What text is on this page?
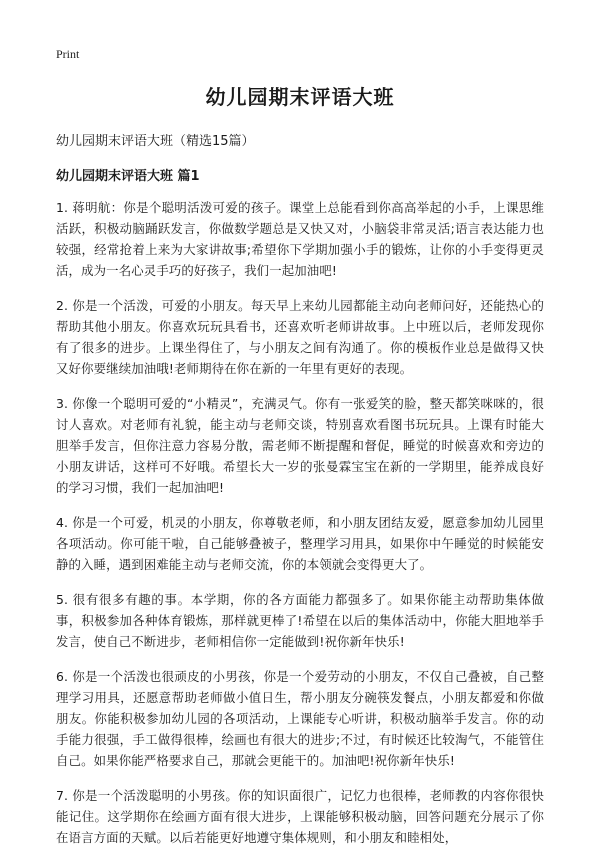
Print
幼儿园期末评语大班
幼儿园期末评语大班（精选15篇）
幼儿园期末评语大班 篇1

1. 蒋明航：你是个聪明活泼可爱的孩子。课堂上总能看到你高高举起的小手，上课思维活跃，积极动脑踊跃发言，你做数学题总是又快又对，小脑袋非常灵活;语言表达能力也较强，经常抢着上来为大家讲故事;希望你下学期加强小手的锻炼，让你的小手变得更灵活，成为一名心灵手巧的好孩子，我们一起加油吧!

2. 你是一个活泼，可爱的小朋友。每天早上来幼儿园都能主动向老师问好，还能热心的帮助其他小朋友。你喜欢玩玩具看书，还喜欢听老师讲故事。上中班以后，老师发现你有了很多的进步。上课坐得住了，与小朋友之间有沟通了。你的模板作业总是做得又快又好你要继续加油哦!老师期待在你在新的一年里有更好的表现。

3. 你像一个聪明可爱的“小精灵”，充满灵气。你有一张爱笑的脸，整天都笑咪咪的，很讨人喜欢。对老师有礼貌，能主动与老师交谈，特别喜欢看图书玩玩具。上课有时能大胆举手发言，但你注意力容易分散，需老师不断提醒和督促，睡觉的时候喜欢和旁边的小朋友讲话，这样可不好哦。希望长大一岁的张曼霖宝宝在新的一学期里，能养成良好的学习习惯，我们一起加油吧!

4. 你是一个可爱，机灵的小朋友，你尊敬老师，和小朋友团结友爱，愿意参加幼儿园里各项活动。你可能干啦，自己能够叠被子，整理学习用具，如果你中午睡觉的时候能安静的入睡，遇到困难能主动与老师交流，你的本领就会变得更大了。

5. 很有很多有趣的事。本学期，你的各方面能力都强多了。如果你能主动帮助集体做事，积极参加各种体育锻炼，那样就更棒了!希望在以后的集体活动中，你能大胆地举手发言，使自己不断进步，老师相信你一定能做到!祝你新年快乐!

6. 你是一个活泼也很顽皮的小男孩，你是一个爱劳动的小朋友，不仅自己叠被，自己整理学习用具，还愿意帮助老师做小值日生，帮小朋友分碗筷发餐点，小朋友都爱和你做朋友。你能积极参加幼儿园的各项活动，上课能专心听讲，积极动脑举手发言。你的动手能力很强，手工做得很棒，绘画也有很大的进步;不过，有时候还比较淘气，不能管住自己。如果你能严格要求自己，那就会更能干的。加油吧!祝你新年快乐!

7. 你是一个活泼聪明的小男孩。你的知识面很广，记忆力也很棒，老师教的内容你很快能记住。这学期你在绘画方面有很大进步，上课能够积极动脑，回答问题充分展示了你在语言方面的天赋。以后若能更好地遵守集体规则，和小朋友和睦相处，
